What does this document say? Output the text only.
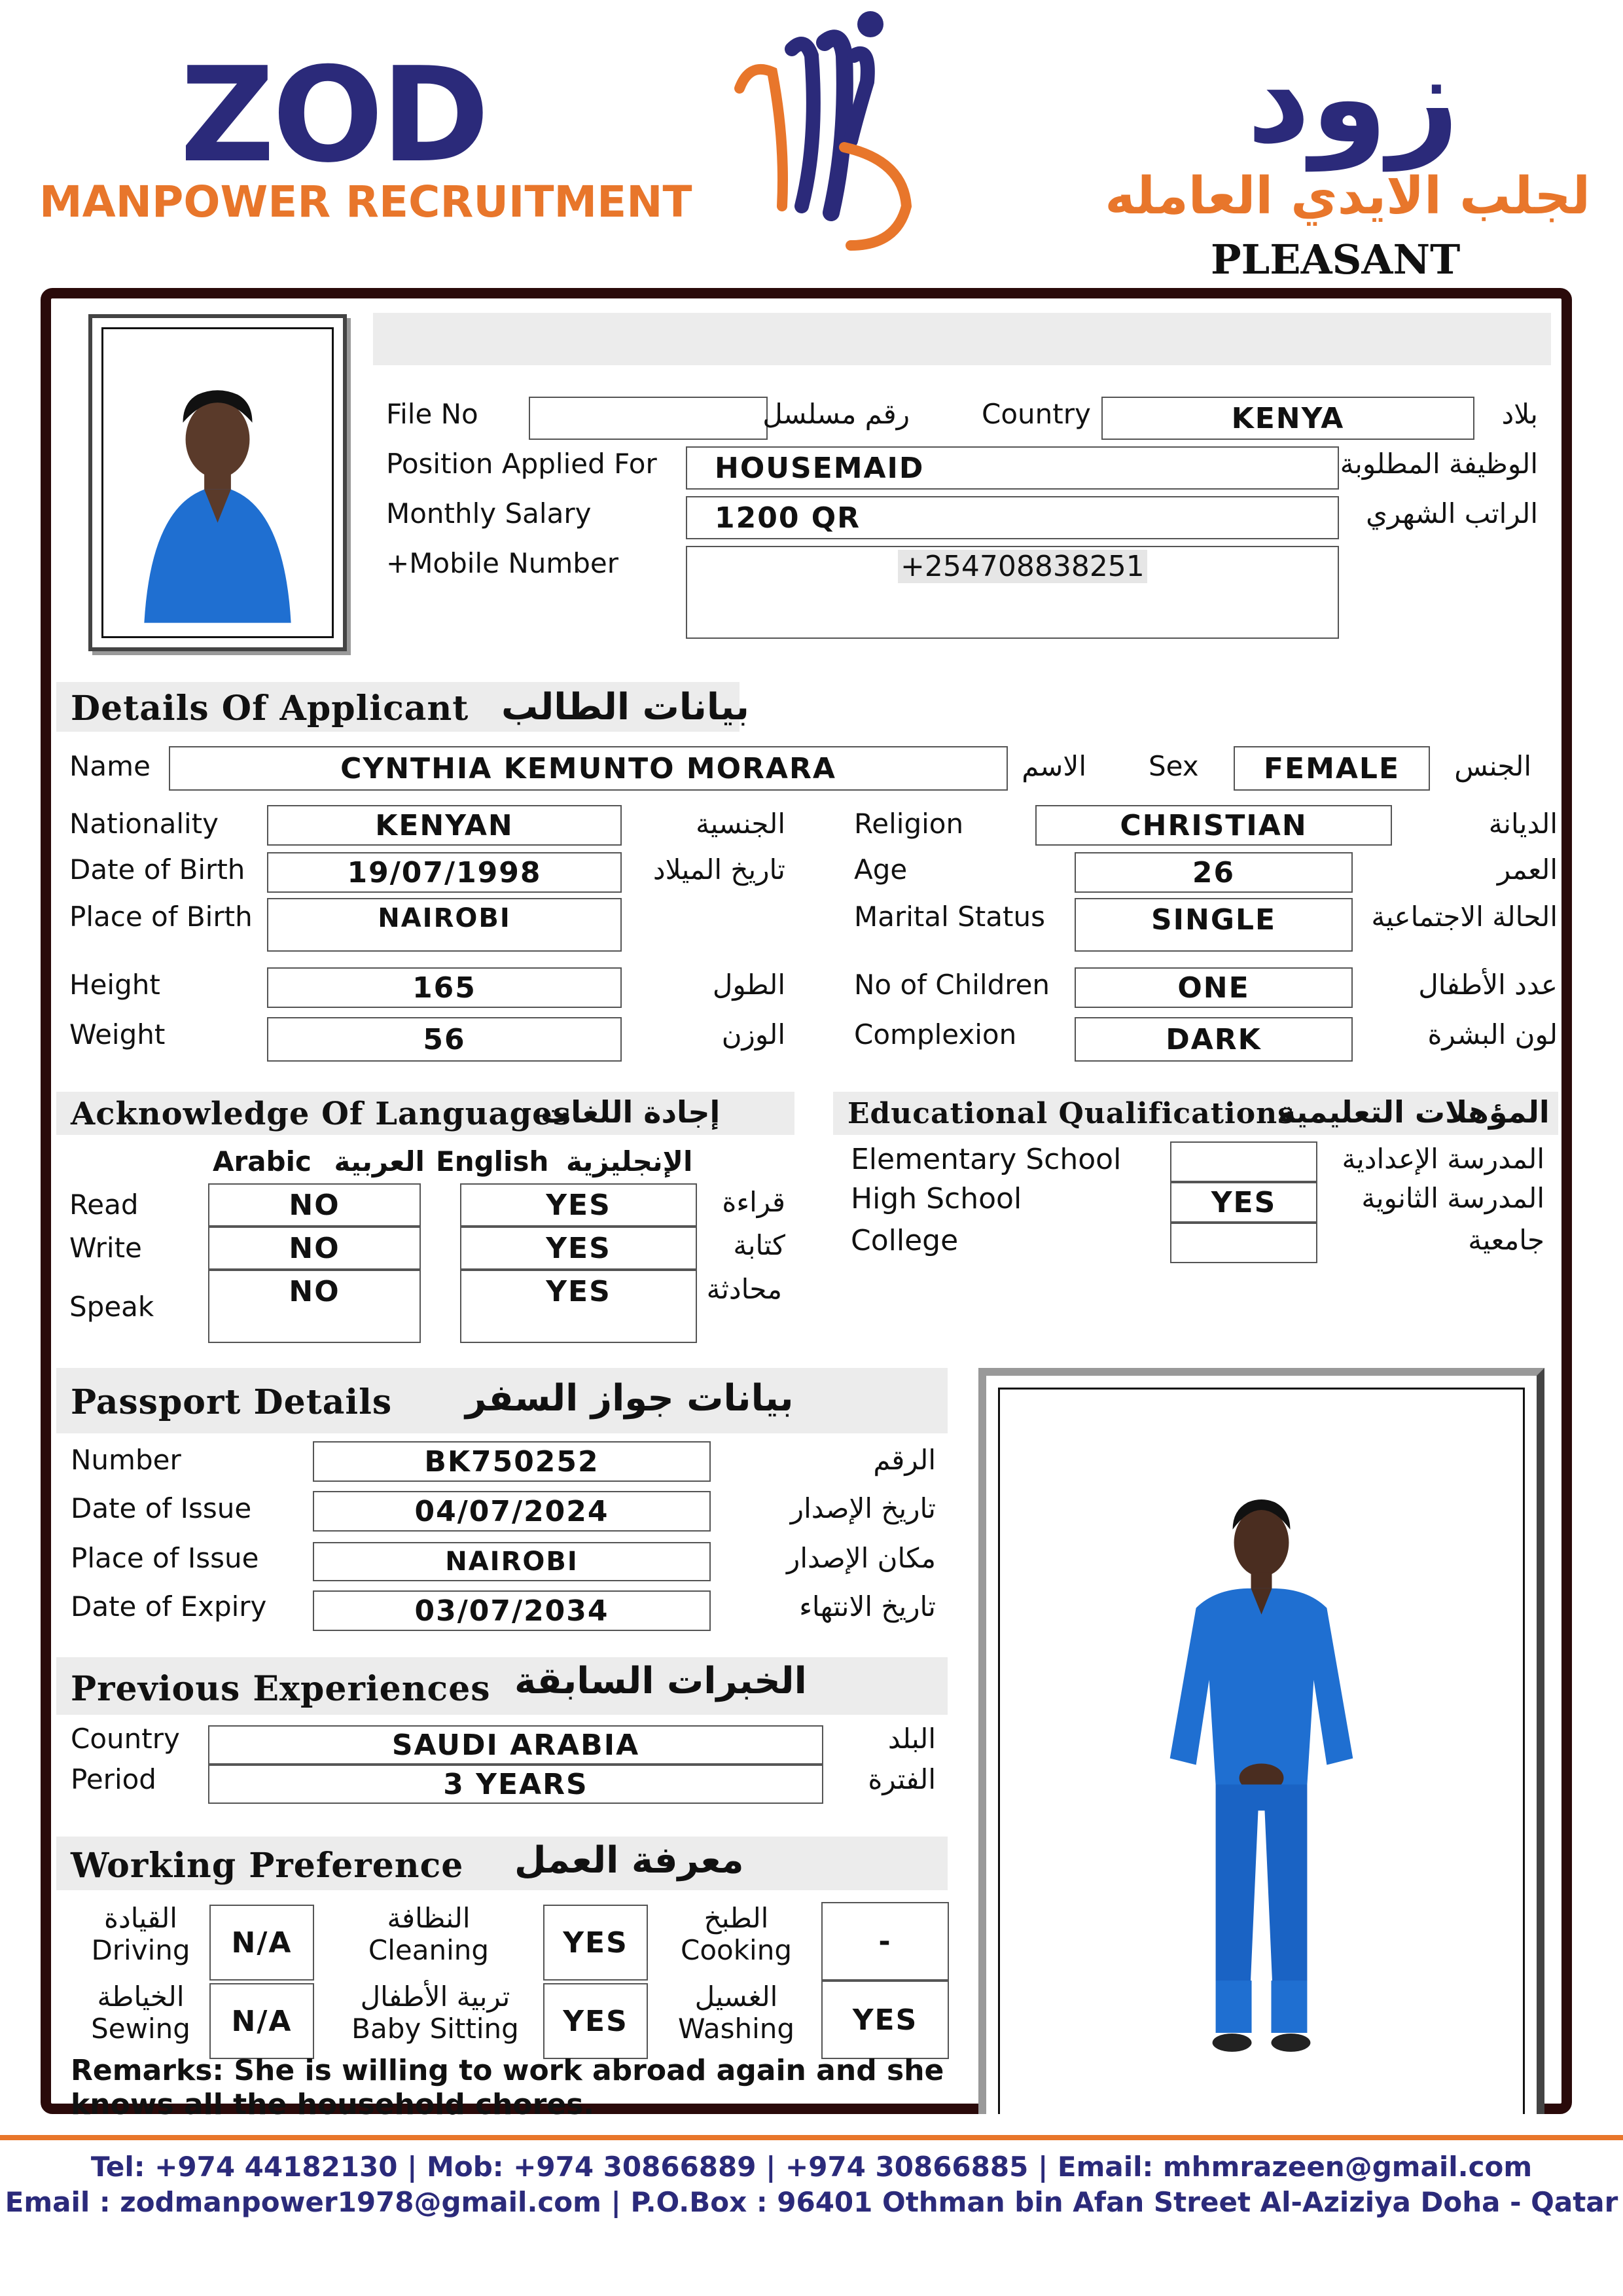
ZOD
MANPOWER RECRUITMENT
زود
لجلب الايدي العامله
PLEASANT
File No	رقم مسلسل	Country	KENYA	بلاد
Position Applied For	HOUSEMAID	الوظيفة المطلوبة
Monthly Salary	1200 QR	الراتب الشهري
+Mobile Number	+254708838251
Details Of Applicant بيانات الطالب
Name	CYNTHIA KEMUNTO MORARA	الاسم Sex	FEMALE	الجنس
Nationality	KENYAN	الجنسية
Date of Birth	19/07/1998	تاريخ الميلاد
Place of Birth	NAIROBI
Height	165	الطول
Weight	56	الوزن
Religion	CHRISTIAN	الديانة
Age	26	العمر
Marital Status	SINGLE	الحالة الاجتماعية
No of Children	ONE	عدد الأطفال
Complexion	DARK	لون البشرة
Acknowledge Of Languages
إجادة اللغات
Arabic العربية English الإنجليزية
Read	NO	YES	قراءة
Write	NO	YES	كتابة
Speak	NO	YES	محادثة
Educational Qualifications
المؤهلات التعليمية
Elementary School	المدرسة الإعدادية
High School	YES	المدرسة الثانوية
College	جامعية
Passport Details بيانات جواز السفر
Number	BK750252	الرقم
Date of Issue	04/07/2024	تاريخ الإصدار
Place of Issue	NAIROBI	مكان الإصدار
Date of Expiry	03/07/2034	تاريخ الانتهاء
Previous Experiences الخبرات السابقة
Country	SAUDI ARABIA	البلد
Period	3 YEARS	الفترة
Working Preference معرفة العمل
القيادة
Driving	N/A
النظافة
Cleaning	YES
الطبخ
Cooking	-
الخياطة
Sewing	N/A
تربية الأطفال
Baby Sitting	YES
الغسيل
Washing	YES
Remarks: She is willing to work abroad again and she knows all the household chores.
Tel: +974 44182130 | Mob: +974 30866889 | +974 30866885 | Email: mhmrazeen@gmail.com
Email : zodmanpower1978@gmail.com | P.O.Box : 96401 Othman bin Afan Street Al-Aziziya Doha - Qatar
